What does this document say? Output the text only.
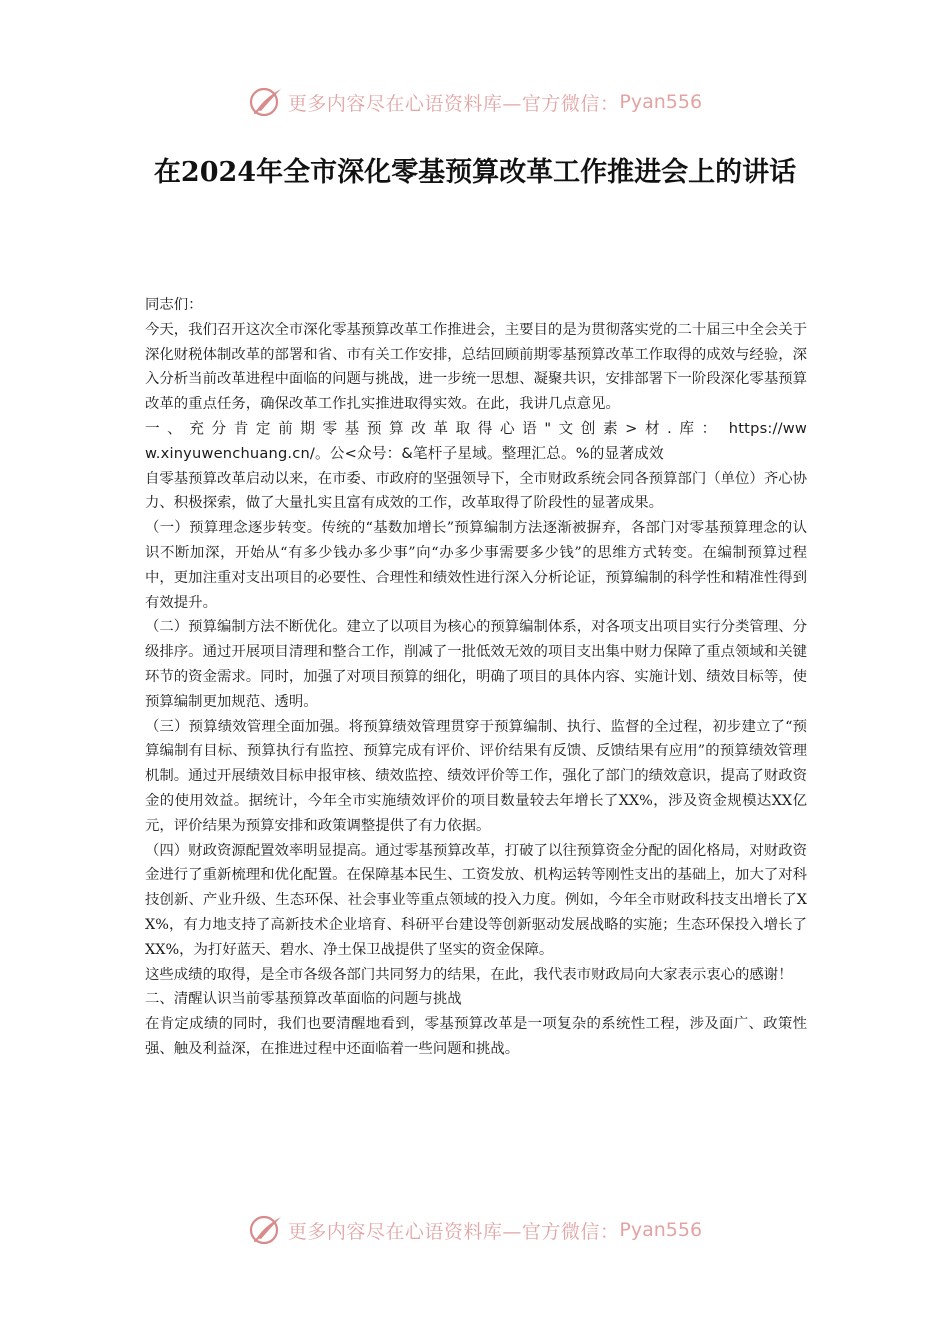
更多内容尽在心语资料库—官方微信： Pyan556
在2024年全市深化零基预算改革工作推进会上的讲话

同志们：

今天，我们召开这次全市深化零基预算改革工作推进会，主要目的是为贯彻落实党的二十届三中全会关于深化财税体制改革的部署和省、市有关工作安排，总结回顾前期零基预算改革工作取得的成效与经验，深入分析当前改革进程中面临的问题与挑战，进一步统一思想、凝聚共识，安排部署下一阶段深化零基预算改革的重点任务，确保改革工作扎实推进取得实效。在此，我讲几点意见。

一、充分肯定前期零基预算改革取得心语"文创素>材.库： https://www.xinyuwenchuang.cn/。公<众号：&笔杆子星域。整理汇总。%的显著成效

自零基预算改革启动以来，在市委、市政府的坚强领导下，全市财政系统会同各预算部门（单位）齐心协力、积极探索，做了大量扎实且富有成效的工作，改革取得了阶段性的显著成果。

（一）预算理念逐步转变。传统的“基数加增长”预算编制方法逐渐被摒弃，各部门对零基预算理念的认识不断加深，开始从“有多少钱办多少事”向“办多少事需要多少钱”的思维方式转变。在编制预算过程中，更加注重对支出项目的必要性、合理性和绩效性进行深入分析论证，预算编制的科学性和精准性得到有效提升。

（二）预算编制方法不断优化。建立了以项目为核心的预算编制体系，对各项支出项目实行分类管理、分级排序。通过开展项目清理和整合工作，削减了一批低效无效的项目支出集中财力保障了重点领域和关键环节的资金需求。同时，加强了对项目预算的细化，明确了项目的具体内容、实施计划、绩效目标等，使预算编制更加规范、透明。

（三）预算绩效管理全面加强。将预算绩效管理贯穿于预算编制、执行、监督的全过程，初步建立了“预算编制有目标、预算执行有监控、预算完成有评价、评价结果有反馈、反馈结果有应用”的预算绩效管理机制。通过开展绩效目标申报审核、绩效监控、绩效评价等工作，强化了部门的绩效意识，提高了财政资金的使用效益。据统计，今年全市实施绩效评价的项目数量较去年增长了XX%，涉及资金规模达XX亿元，评价结果为预算安排和政策调整提供了有力依据。

（四）财政资源配置效率明显提高。通过零基预算改革，打破了以往预算资金分配的固化格局，对财政资金进行了重新梳理和优化配置。在保障基本民生、工资发放、机构运转等刚性支出的基础上，加大了对科技创新、产业升级、生态环保、社会事业等重点领域的投入力度。例如，今年全市财政科技支出增长了XX%，有力地支持了高新技术企业培育、科研平台建设等创新驱动发展战略的实施；生态环保投入增长了XX%，为打好蓝天、碧水、净土保卫战提供了坚实的资金保障。

这些成绩的取得，是全市各级各部门共同努力的结果，在此，我代表市财政局向大家表示衷心的感谢！

二、清醒认识当前零基预算改革面临的问题与挑战

在肯定成绩的同时，我们也要清醒地看到，零基预算改革是一项复杂的系统性工程，涉及面广、政策性强、触及利益深，在推进过程中还面临着一些问题和挑战。

更多内容尽在心语资料库—官方微信： Pyan556
